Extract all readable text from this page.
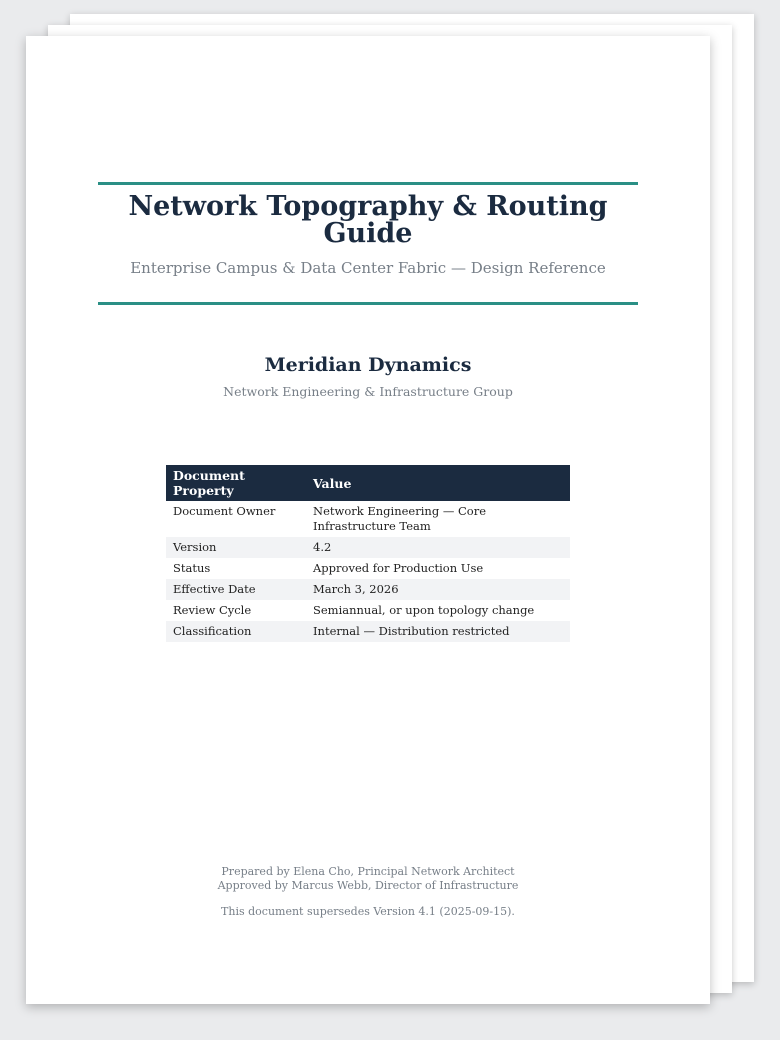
Network Topography & Routing Guide
Enterprise Campus & Data Center Fabric — Design Reference
Meridian Dynamics
Network Engineering & Infrastructure Group
Document Property	Value
Document Owner	Network Engineering — Core Infrastructure Team
Version	4.2
Status	Approved for Production Use
Effective Date	March 3, 2026
Review Cycle	Semiannual, or upon topology change
Classification	Internal — Distribution restricted
Prepared by Elena Cho, Principal Network Architect
Approved by Marcus Webb, Director of Infrastructure
This document supersedes Version 4.1 (2025-09-15).
